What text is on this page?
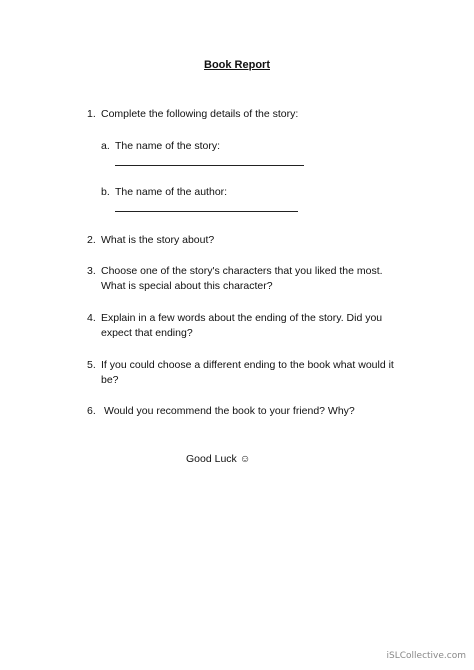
Book Report
1. Complete the following details of the story:
a. The name of the story:
b. The name of the author:
2. What is the story about?
3. Choose one of the story's characters that you liked the most.
What is special about this character?
4. Explain in a few words about the ending of the story. Did you
expect that ending?
5. If you could choose a different ending to the book what would it
be?
6. Would you recommend the book to your friend? Why?
Good Luck ☺
iSLCollective.com
